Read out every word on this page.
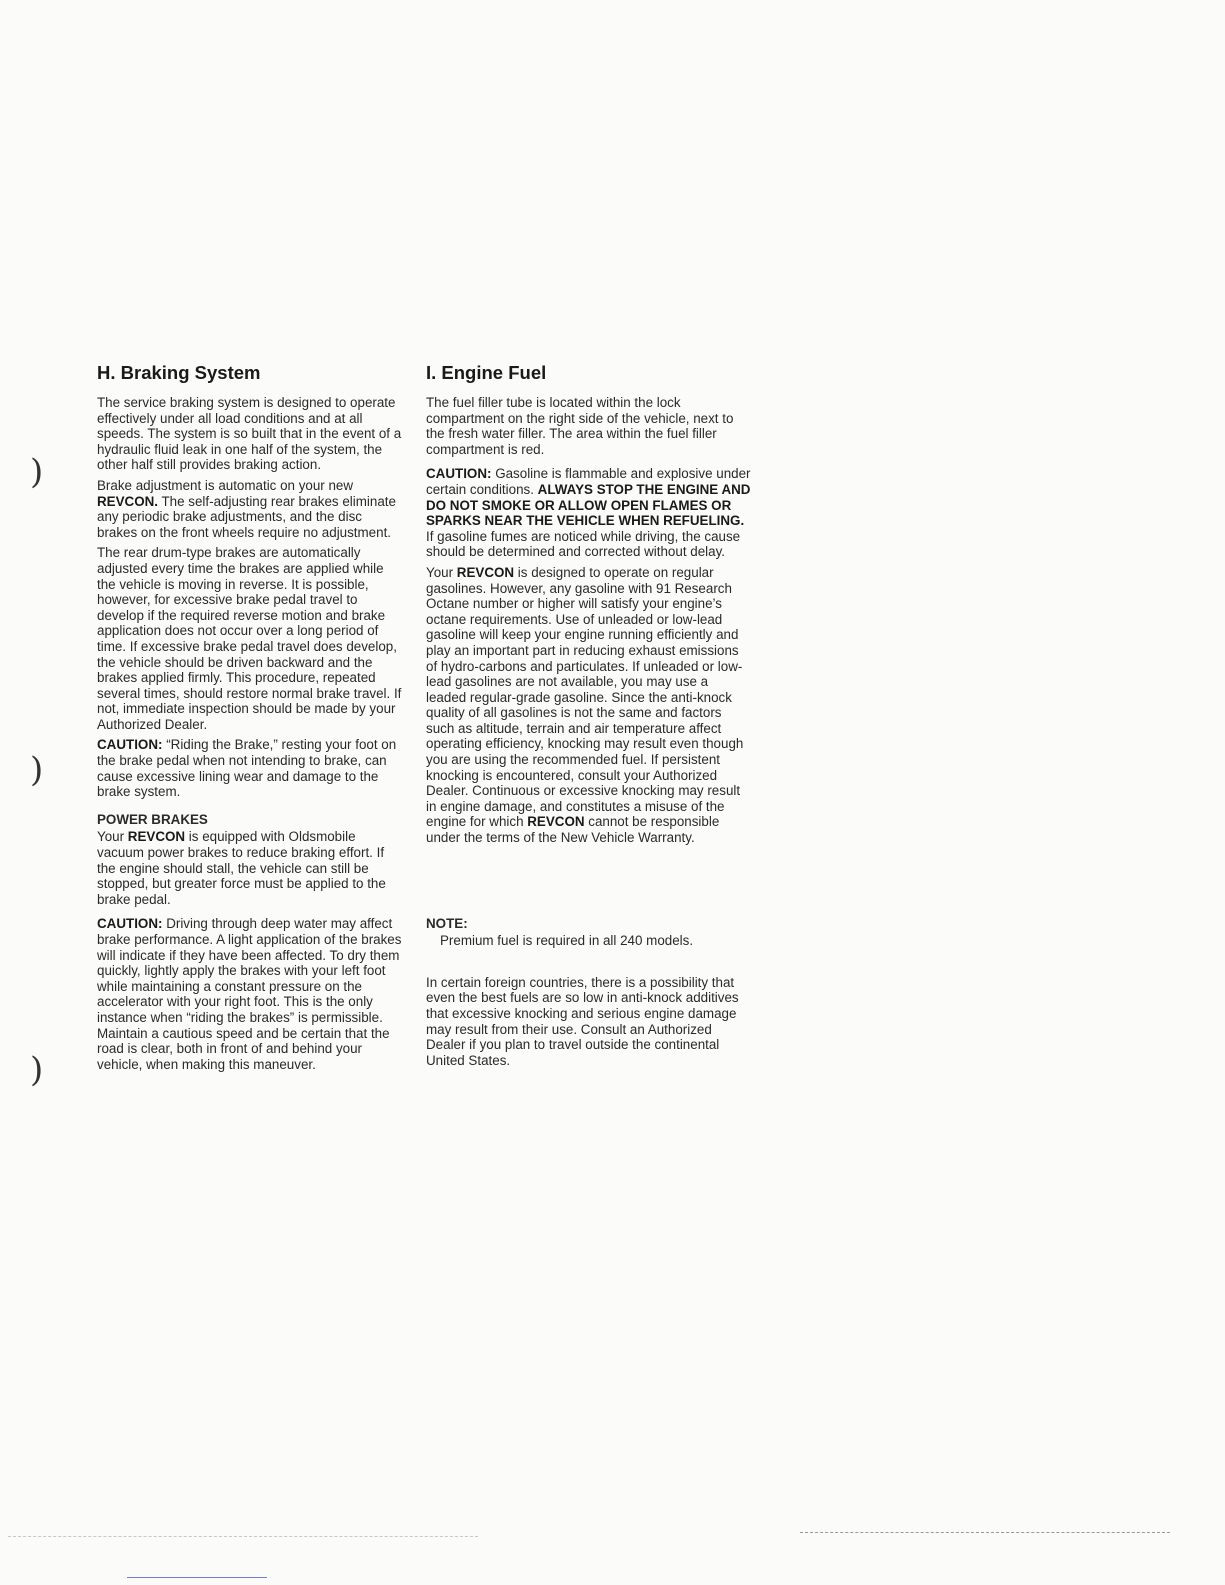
)
)
)
H. Braking System

The service braking system is designed to operate effectively under all load conditions and at all speeds. The system is so built that in the event of a hydraulic fluid leak in one half of the system, the other half still provides braking action.

Brake adjustment is automatic on your new REVCON. The self-adjusting rear brakes eliminate any periodic brake adjustments, and the disc brakes on the front wheels require no adjustment.

The rear drum-type brakes are automatically adjusted every time the brakes are applied while the vehicle is moving in reverse. It is possible, however, for excessive brake pedal travel to develop if the required reverse motion and brake application does not occur over a long period of time. If excessive brake pedal travel does develop, the vehicle should be driven backward and the brakes applied firmly. This procedure, repeated several times, should restore normal brake travel. If not, immediate inspection should be made by your Authorized Dealer.

CAUTION: “Riding the Brake,” resting your foot on the brake pedal when not intending to brake, can cause excessive lining wear and damage to the brake system.

POWER BRAKES

Your REVCON is equipped with Oldsmobile vacuum power brakes to reduce braking effort. If the engine should stall, the vehicle can still be stopped, but greater force must be applied to the brake pedal.

CAUTION: Driving through deep water may affect brake performance. A light application of the brakes will indicate if they have been affected. To dry them quickly, lightly apply the brakes with your left foot while maintaining a constant pressure on the accelerator with your right foot. This is the only instance when “riding the brakes” is permissible. Maintain a cautious speed and be certain that the road is clear, both in front of and behind your vehicle, when making this maneuver.

I. Engine Fuel

The fuel filler tube is located within the lock compartment on the right side of the vehicle, next to the fresh water filler. The area within the fuel filler compartment is red.

CAUTION: Gasoline is flammable and explosive under certain conditions. ALWAYS STOP THE ENGINE AND DO NOT SMOKE OR ALLOW OPEN FLAMES OR SPARKS NEAR THE VEHICLE WHEN REFUELING. If gasoline fumes are noticed while driving, the cause should be determined and corrected without delay.

Your REVCON is designed to operate on regular gasolines. However, any gasoline with 91 Research Octane number or higher will satisfy your engine’s octane requirements. Use of unleaded or low-lead gasoline will keep your engine running efficiently and play an important part in reducing exhaust emissions of hydro-carbons and particulates. If unleaded or low-lead gasolines are not available, you may use a leaded regular-grade gasoline. Since the anti-knock quality of all gasolines is not the same and factors such as altitude, terrain and air temperature affect operating efficiency, knocking may result even though you are using the recommended fuel. If persistent knocking is encountered, consult your Authorized Dealer. Continuous or excessive knocking may result in engine damage, and constitutes a misuse of the engine for which REVCON cannot be responsible under the terms of the New Vehicle Warranty.

NOTE:

Premium fuel is required in all 240 models.

In certain foreign countries, there is a possibility that even the best fuels are so low in anti-knock additives that excessive knocking and serious engine damage may result from their use. Consult an Authorized Dealer if you plan to travel outside the continental United States.
